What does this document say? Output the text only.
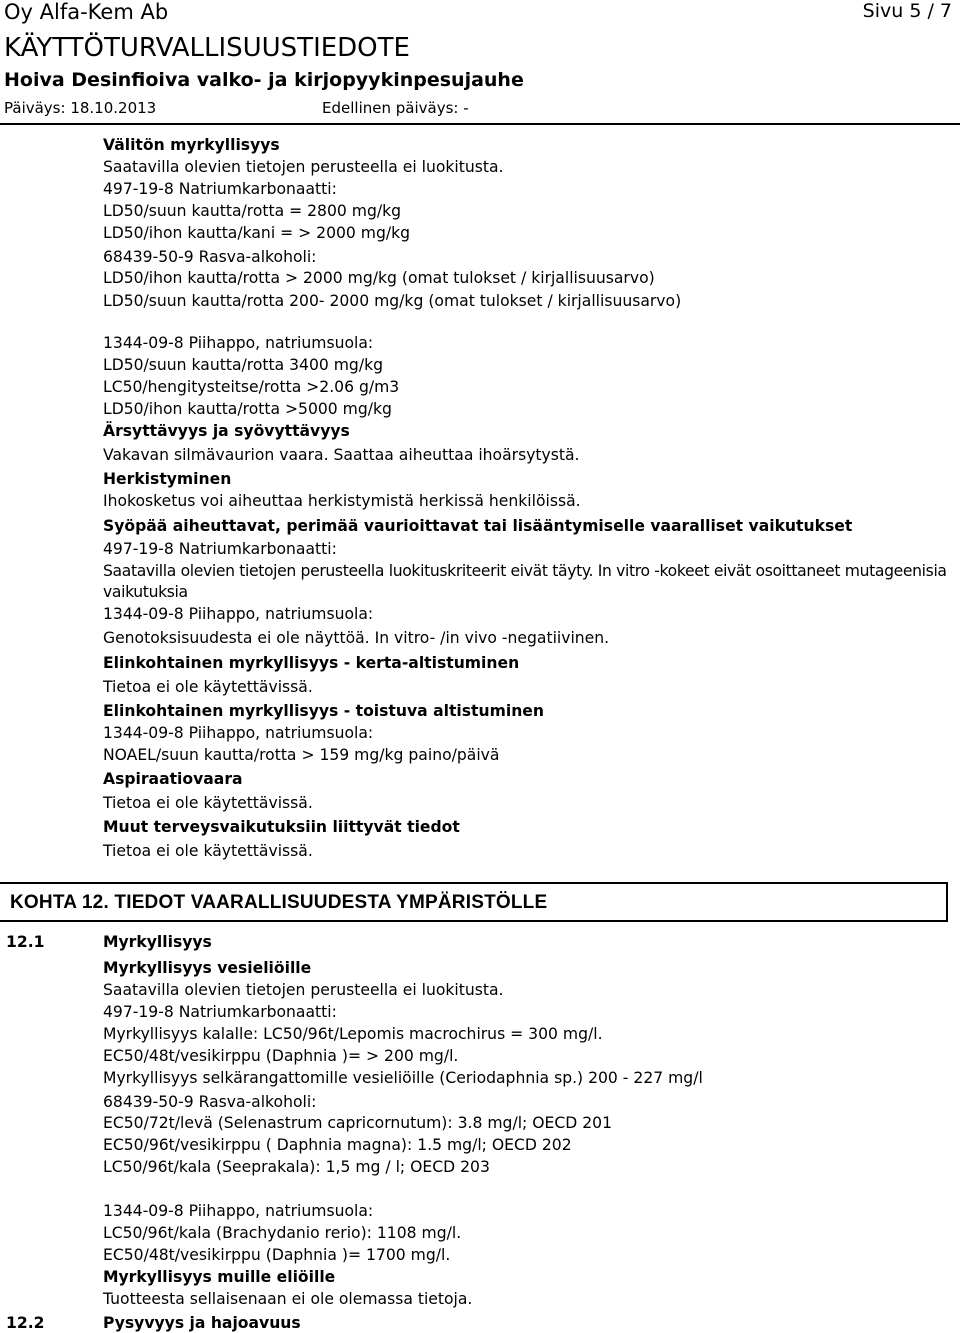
Oy Alfa-Kem Ab	Sivu 5 / 7
KÄYTTÖTURVALLISUUSTIEDOTE
Hoiva Desinfioiva valko- ja kirjopyykinpesujauhe
Päiväys: 18.10.2013	Edellinen päiväys: -
Välitön myrkyllisyys
Saatavilla olevien tietojen perusteella ei luokitusta.
497-19-8 Natriumkarbonaatti:
LD50/suun kautta/rotta = 2800 mg/kg
LD50/ihon kautta/kani = > 2000 mg/kg
68439-50-9 Rasva-alkoholi:
LD50/ihon kautta/rotta > 2000 mg/kg (omat tulokset / kirjallisuusarvo)
LD50/suun kautta/rotta 200- 2000 mg/kg (omat tulokset / kirjallisuusarvo)
1344-09-8 Piihappo, natriumsuola:
LD50/suun kautta/rotta 3400 mg/kg
LC50/hengitysteitse/rotta >2.06 g/m3
LD50/ihon kautta/rotta >5000 mg/kg
Ärsyttävyys ja syövyttävyys
Vakavan silmävaurion vaara. Saattaa aiheuttaa ihoärsytystä.
Herkistyminen
Ihokosketus voi aiheuttaa herkistymistä herkissä henkilöissä.
Syöpää aiheuttavat, perimää vaurioittavat tai lisääntymiselle vaaralliset vaikutukset
497-19-8 Natriumkarbonaatti:
Saatavilla olevien tietojen perusteella luokituskriteerit eivät täyty. In vitro -kokeet eivät osoittaneet mutageenisia vaikutuksia
1344-09-8 Piihappo, natriumsuola:
Genotoksisuudesta ei ole näyttöä. In vitro- /in vivo -negatiivinen.
Elinkohtainen myrkyllisyys - kerta-altistuminen
Tietoa ei ole käytettävissä.
Elinkohtainen myrkyllisyys - toistuva altistuminen
1344-09-8 Piihappo, natriumsuola:
NOAEL/suun kautta/rotta > 159 mg/kg paino/päivä
Aspiraatiovaara
Tietoa ei ole käytettävissä.
Muut terveysvaikutuksiin liittyvät tiedot
Tietoa ei ole käytettävissä.
KOHTA 12. TIEDOT VAARALLISUUDESTA YMPÄRISTÖLLE
12.1	Myrkyllisyys
Myrkyllisyys vesieliöille
Saatavilla olevien tietojen perusteella ei luokitusta.
497-19-8 Natriumkarbonaatti:
Myrkyllisyys kalalle: LC50/96t/Lepomis macrochirus = 300 mg/l.
EC50/48t/vesikirppu (Daphnia )= > 200 mg/l.
Myrkyllisyys selkärangattomille vesieliöille (Ceriodaphnia sp.) 200 - 227 mg/l
68439-50-9 Rasva-alkoholi:
EC50/72t/levä (Selenastrum capricornutum): 3.8 mg/l; OECD 201
EC50/96t/vesikirppu ( Daphnia magna): 1.5 mg/l; OECD 202
LC50/96t/kala (Seeprakala): 1,5 mg / l; OECD 203
1344-09-8 Piihappo, natriumsuola:
LC50/96t/kala (Brachydanio rerio): 1108 mg/l.
EC50/48t/vesikirppu (Daphnia )= 1700 mg/l.
Myrkyllisyys muille eliöille
Tuotteesta sellaisenaan ei ole olemassa tietoja.
12.2	Pysyvyys ja hajoavuus
